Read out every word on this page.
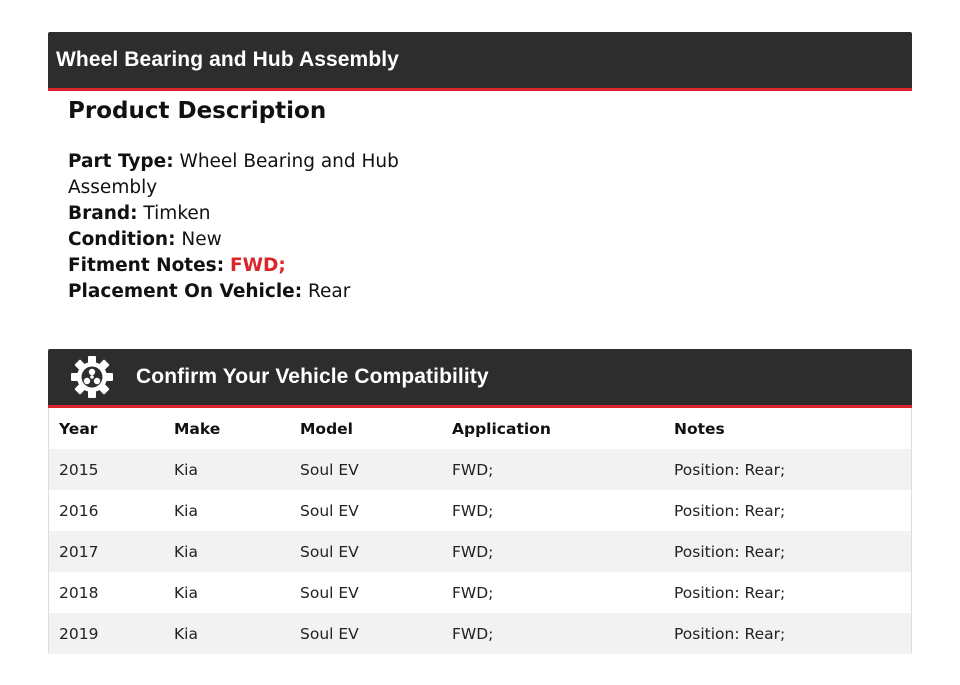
Wheel Bearing and Hub Assembly
Product Description
Part Type: Wheel Bearing and Hub Assembly
Brand: Timken
Condition: New
Fitment Notes: FWD;
Placement On Vehicle: Rear
Confirm Your Vehicle Compatibility
Year	Make	Model	Application	Notes
2015	Kia	Soul EV	FWD;	Position: Rear;
2016	Kia	Soul EV	FWD;	Position: Rear;
2017	Kia	Soul EV	FWD;	Position: Rear;
2018	Kia	Soul EV	FWD;	Position: Rear;
2019	Kia	Soul EV	FWD;	Position: Rear;
